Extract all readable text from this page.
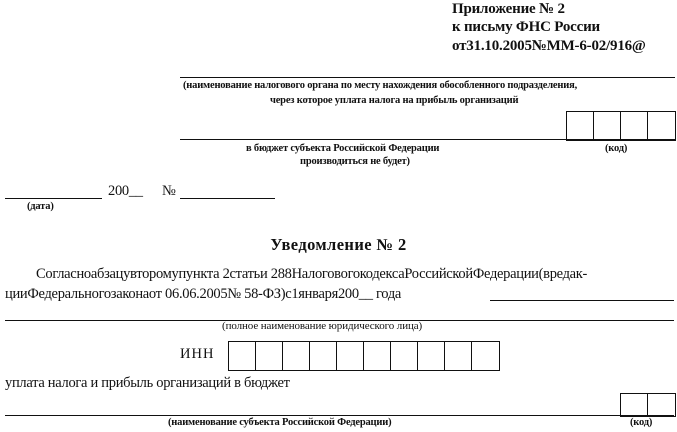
Приложение № 2
к письму ФНС России
от31.10.2005№ММ-6-02/916@
(наименование налогового органа по месту нахождения обособленного подразделения,
через которое уплата налога на прибыль организаций
в бюджет субъекта Российской Федерации
производиться не будет)
(код)
200__ №
(дата)
Уведомление № 2
Согласноабзацувторомупункта 2статьи 288НалоговогокодексаРоссийскойФедерации(вредак-
цииФедеральногозаконаот 06.06.2005№ 58-ФЗ)с1января200__ года
(полное наименование юридического лица)
ИНН
уплата налога и прибыль организаций в бюджет
(наименование субъекта Российской Федерации)	(код)
